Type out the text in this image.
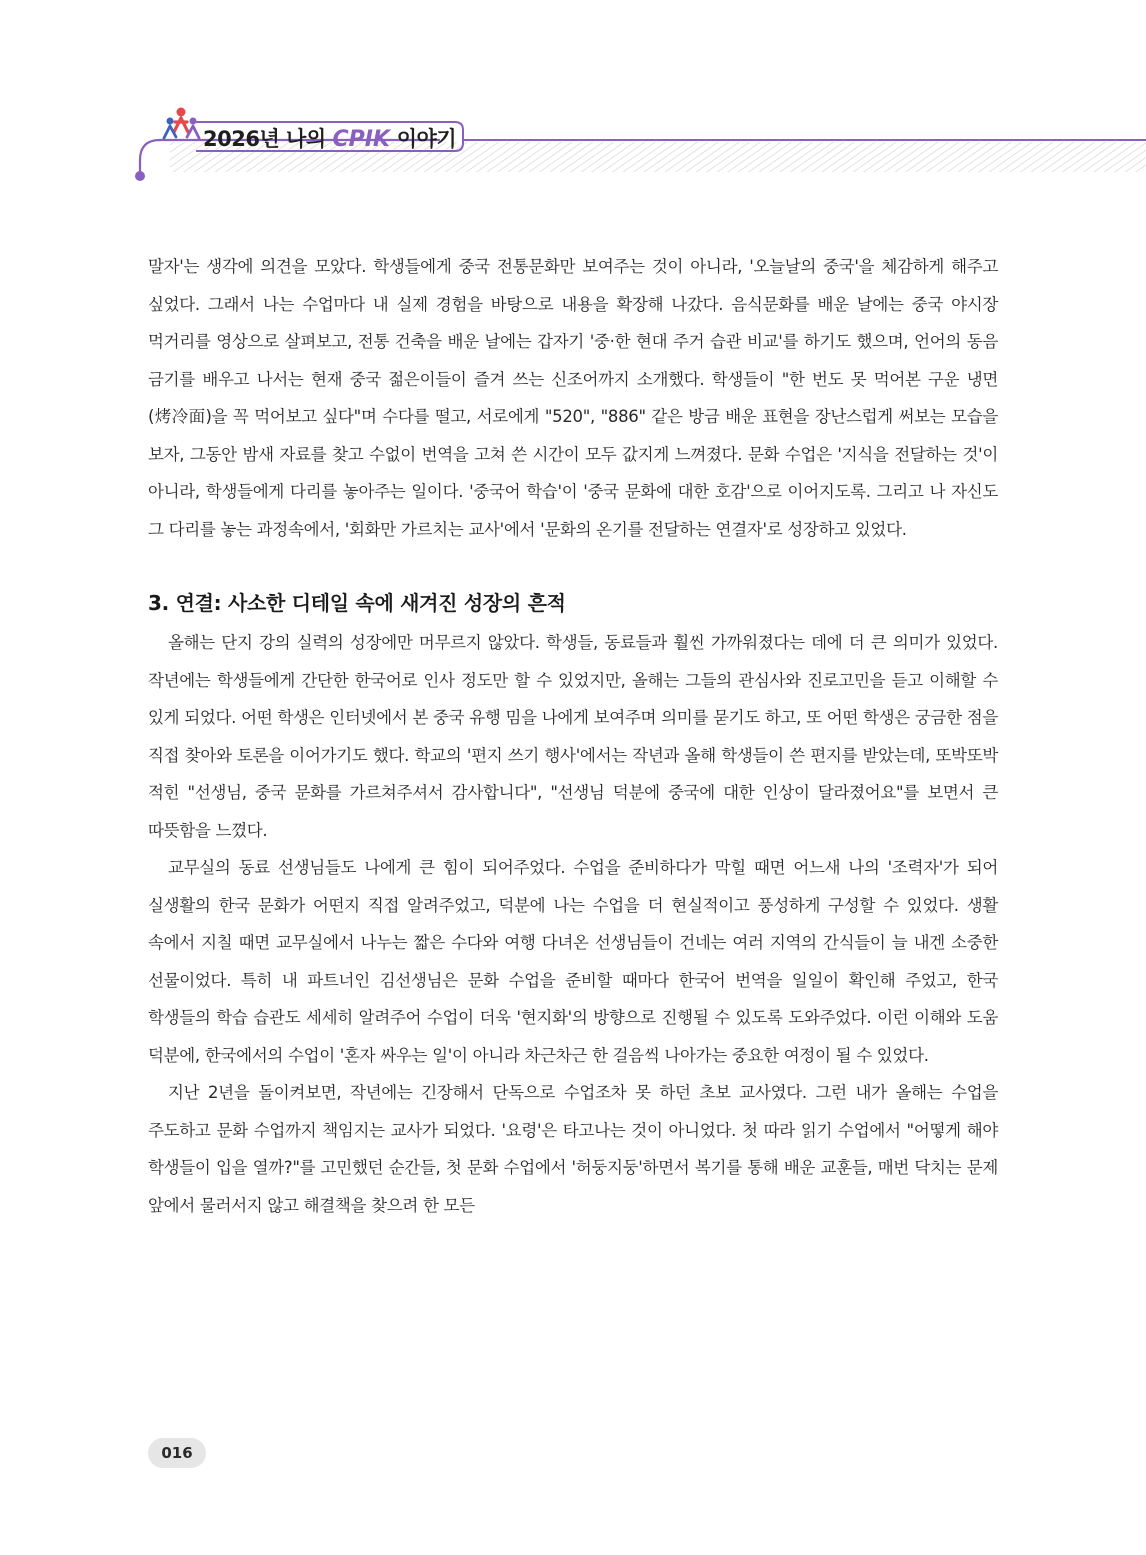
2026년 나의 CPIK 이야기

말자'는 생각에 의견을 모았다. 학생들에게 중국 전통문화만 보여주는 것이 아니라, '오늘날의 중국'을 체감하게 해주고 싶었다. 그래서 나는 수업마다 내 실제 경험을 바탕으로 내용을 확장해 나갔다. 음식문화를 배운 날에는 중국 야시장 먹거리를 영상으로 살펴보고, 전통 건축을 배운 날에는 갑자기 '중·한 현대 주거 습관 비교'를 하기도 했으며, 언어의 동음 금기를 배우고 나서는 현재 중국 젊은이들이 즐겨 쓰는 신조어까지 소개했다. 학생들이 "한 번도 못 먹어본 구운 냉면(烤冷面)을 꼭 먹어보고 싶다"며 수다를 떨고, 서로에게 "520", "886" 같은 방금 배운 표현을 장난스럽게 써보는 모습을 보자, 그동안 밤새 자료를 찾고 수없이 번역을 고쳐 쓴 시간이 모두 값지게 느껴졌다. 문화 수업은 '지식을 전달하는 것'이 아니라, 학생들에게 다리를 놓아주는 일이다. '중국어 학습'이 '중국 문화에 대한 호감'으로 이어지도록. 그리고 나 자신도 그 다리를 놓는 과정속에서, '회화만 가르치는 교사'에서 '문화의 온기를 전달하는 연결자'로 성장하고 있었다.

3. 연결: 사소한 디테일 속에 새겨진 성장의 흔적

올해는 단지 강의 실력의 성장에만 머무르지 않았다. 학생들, 동료들과 훨씬 가까워졌다는 데에 더 큰 의미가 있었다. 작년에는 학생들에게 간단한 한국어로 인사 정도만 할 수 있었지만, 올해는 그들의 관심사와 진로고민을 듣고 이해할 수 있게 되었다. 어떤 학생은 인터넷에서 본 중국 유행 밈을 나에게 보여주며 의미를 묻기도 하고, 또 어떤 학생은 궁금한 점을 직접 찾아와 토론을 이어가기도 했다. 학교의 '편지 쓰기 행사'에서는 작년과 올해 학생들이 쓴 편지를 받았는데, 또박또박 적힌 "선생님, 중국 문화를 가르쳐주셔서 감사합니다", "선생님 덕분에 중국에 대한 인상이 달라졌어요"를 보면서 큰 따뜻함을 느꼈다.

교무실의 동료 선생님들도 나에게 큰 힘이 되어주었다. 수업을 준비하다가 막힐 때면 어느새 나의 '조력자'가 되어 실생활의 한국 문화가 어떤지 직접 알려주었고, 덕분에 나는 수업을 더 현실적이고 풍성하게 구성할 수 있었다. 생활 속에서 지칠 때면 교무실에서 나누는 짧은 수다와 여행 다녀온 선생님들이 건네는 여러 지역의 간식들이 늘 내겐 소중한 선물이었다. 특히 내 파트너인 김선생님은 문화 수업을 준비할 때마다 한국어 번역을 일일이 확인해 주었고, 한국 학생들의 학습 습관도 세세히 알려주어 수업이 더욱 '현지화'의 방향으로 진행될 수 있도록 도와주었다. 이런 이해와 도움 덕분에, 한국에서의 수업이 '혼자 싸우는 일'이 아니라 차근차근 한 걸음씩 나아가는 중요한 여정이 될 수 있었다.

지난 2년을 돌이켜보면, 작년에는 긴장해서 단독으로 수업조차 못 하던 초보 교사였다. 그런 내가 올해는 수업을 주도하고 문화 수업까지 책임지는 교사가 되었다. '요령'은 타고나는 것이 아니었다. 첫 따라 읽기 수업에서 "어떻게 해야 학생들이 입을 열까?"를 고민했던 순간들, 첫 문화 수업에서 '허둥지둥'하면서 복기를 통해 배운 교훈들, 매번 닥치는 문제 앞에서 물러서지 않고 해결책을 찾으려 한 모든

016
